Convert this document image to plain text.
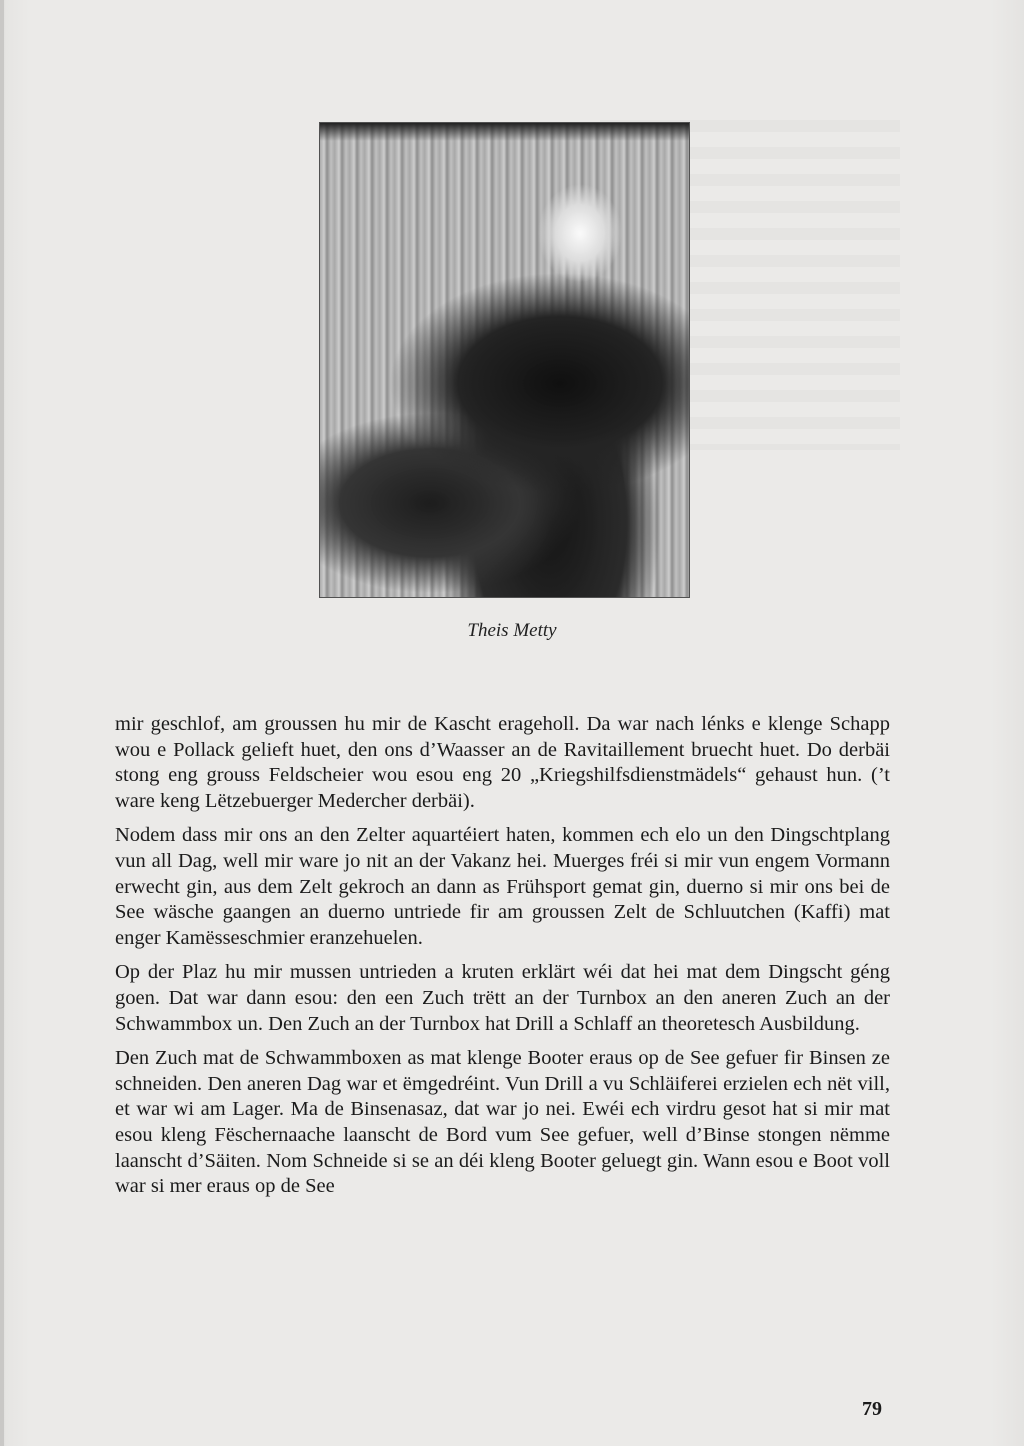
Theis Metty

mir geschlof, am groussen hu mir de Kascht erageholl. Da war nach lénks e klenge Schapp wou e Pollack gelieft huet, den ons d’Waasser an de Ravitaillement bruecht huet. Do derbäi stong eng grouss Feldscheier wou esou eng 20 „Kriegshilfsdienstmädels“ gehaust hun. (’t ware keng Lëtzebuerger Medercher derbäi).

Nodem dass mir ons an den Zelter aquartéiert haten, kommen ech elo un den Dingschtplang vun all Dag, well mir ware jo nit an der Vakanz hei. Muerges fréi si mir vun engem Vormann erwecht gin, aus dem Zelt gekroch an dann as Frühsport gemat gin, duerno si mir ons bei de See wäsche gaangen an duerno untriede fir am groussen Zelt de Schluutchen (Kaffi) mat enger Kamësseschmier eranzehuelen.

Op der Plaz hu mir mussen untrieden a kruten erklärt wéi dat hei mat dem Dingscht géng goen. Dat war dann esou: den een Zuch trëtt an der Turnbox an den aneren Zuch an der Schwammbox un. Den Zuch an der Turnbox hat Drill a Schlaff an theoretesch Ausbildung.

Den Zuch mat de Schwammboxen as mat klenge Booter eraus op de See gefuer fir Binsen ze schneiden. Den aneren Dag war et ëmgedréint. Vun Drill a vu Schläiferei erzielen ech nët vill, et war wi am Lager. Ma de Binsenasaz, dat war jo nei. Ewéi ech virdru gesot hat si mir mat esou kleng Fëschernaache laanscht de Bord vum See gefuer, well d’Binse stongen nëmme laanscht d’Säiten. Nom Schneide si se an déi kleng Booter geluegt gin. Wann esou e Boot voll war si mer eraus op de See

79
